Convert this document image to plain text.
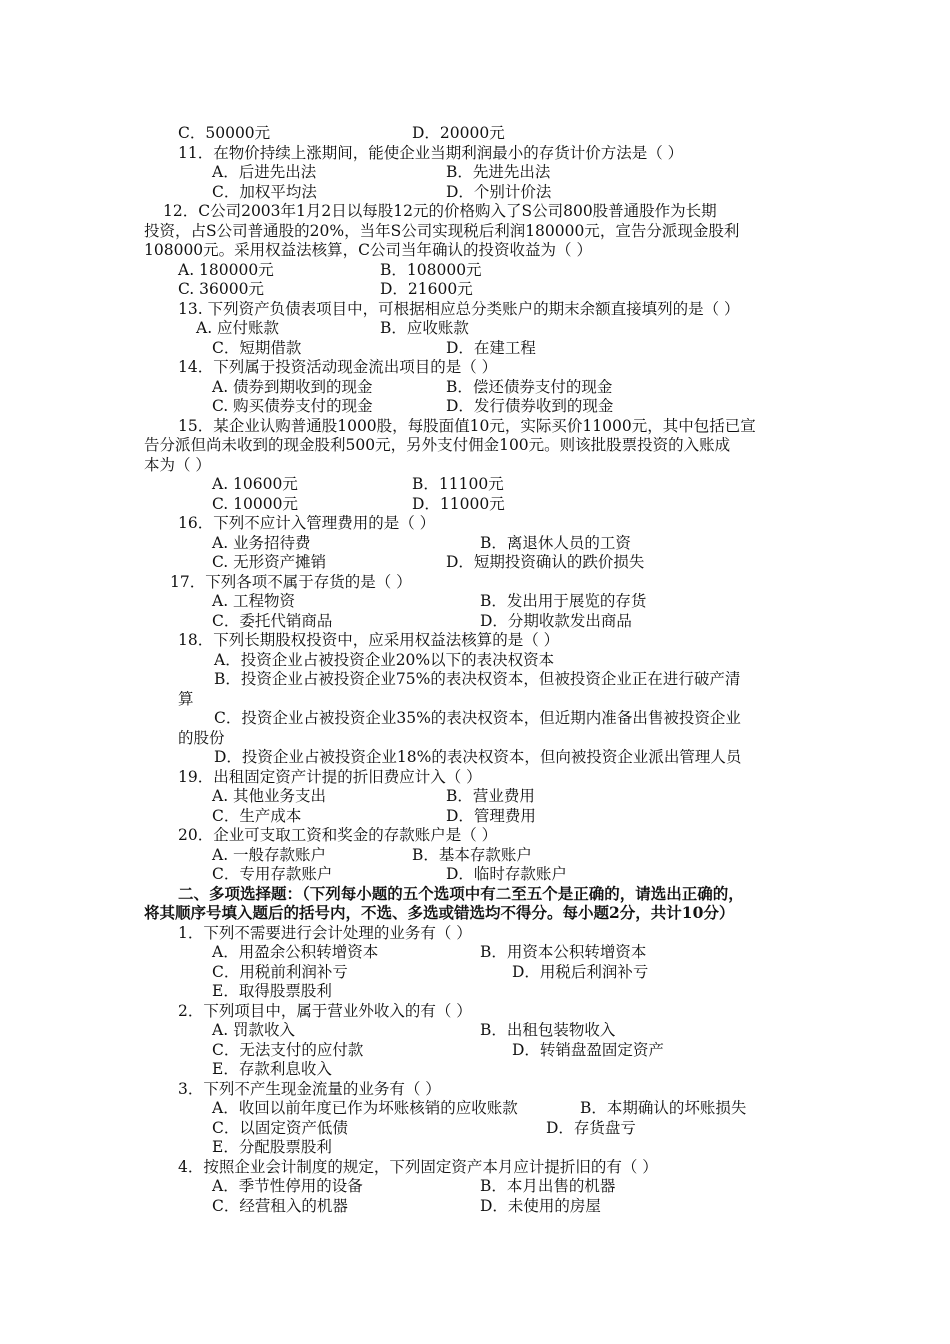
C．50000元	D．20000元
11．在物价持续上涨期间，能使企业当期利润最小的存货计价方法是（ ）
A．后进先出法	B．先进先出法
C．加权平均法	D．个别计价法
12．C公司2003年1月2日以每股12元的价格购入了S公司800股普通股作为长期
投资，占S公司普通股的20%，当年S公司实现税后利润180000元，宣告分派现金股利
108000元。采用权益法核算，C公司当年确认的投资收益为（ ）
A. 180000元	B．108000元
C. 36000元	D．21600元
13. 下列资产负债表项目中，可根据相应总分类账户的期末余额直接填列的是（ ）
A. 应付账款	B．应收账款
C．短期借款	D．在建工程
14．下列属于投资活动现金流出项目的是（ ）
A. 债券到期收到的现金	B．偿还债券支付的现金
C. 购买债券支付的现金	D．发行债券收到的现金
15．某企业认购普通股1000股，每股面值10元，实际买价11000元，其中包括已宣
告分派但尚未收到的现金股利500元，另外支付佣金100元。则该批股票投资的入账成
本为（ ）
A. 10600元	B．11100元
C. 10000元	D．11000元
16．下列不应计入管理费用的是（ ）
A. 业务招待费	B．离退休人员的工资
C. 无形资产摊销	D．短期投资确认的跌价损失
17．下列各项不属于存货的是（ ）
A. 工程物资	B．发出用于展览的存货
C．委托代销商品	D．分期收款发出商品
18．下列长期股权投资中，应采用权益法核算的是（ ）
A．投资企业占被投资企业20%以下的表决权资本
B．投资企业占被投资企业75%的表决权资本，但被投资企业正在进行破产清
算
C．投资企业占被投资企业35%的表决权资本，但近期内准备出售被投资企业
的股份
D．投资企业占被投资企业18%的表决权资本，但向被投资企业派出管理人员
19．出租固定资产计提的折旧费应计入（ ）
A. 其他业务支出	B．营业费用
C．生产成本	D．管理费用
20．企业可支取工资和奖金的存款账户是（ ）
A. 一般存款账户	B．基本存款账户
C．专用存款账户	D．临时存款账户
二、多项选择题：（下列每小题的五个选项中有二至五个是正确的，请选出正确的，
将其顺序号填入题后的括号内，不选、多选或错选均不得分。每小题2分，共计10分）
1．下列不需要进行会计处理的业务有（ ）
A．用盈余公积转增资本	B．用资本公积转增资本
C．用税前利润补亏	D．用税后利润补亏
E．取得股票股利
2．下列项目中，属于营业外收入的有（ ）
A. 罚款收入	B．出租包装物收入
C．无法支付的应付款	D．转销盘盈固定资产
E．存款利息收入
3．下列不产生现金流量的业务有（ ）
A．收回以前年度已作为坏账核销的应收账款	B．本期确认的坏账损失
C．以固定资产低债	D．存货盘亏
E．分配股票股利
4．按照企业会计制度的规定，下列固定资产本月应计提折旧的有（ ）
A．季节性停用的设备	B．本月出售的机器
C．经营租入的机器	D．未使用的房屋
